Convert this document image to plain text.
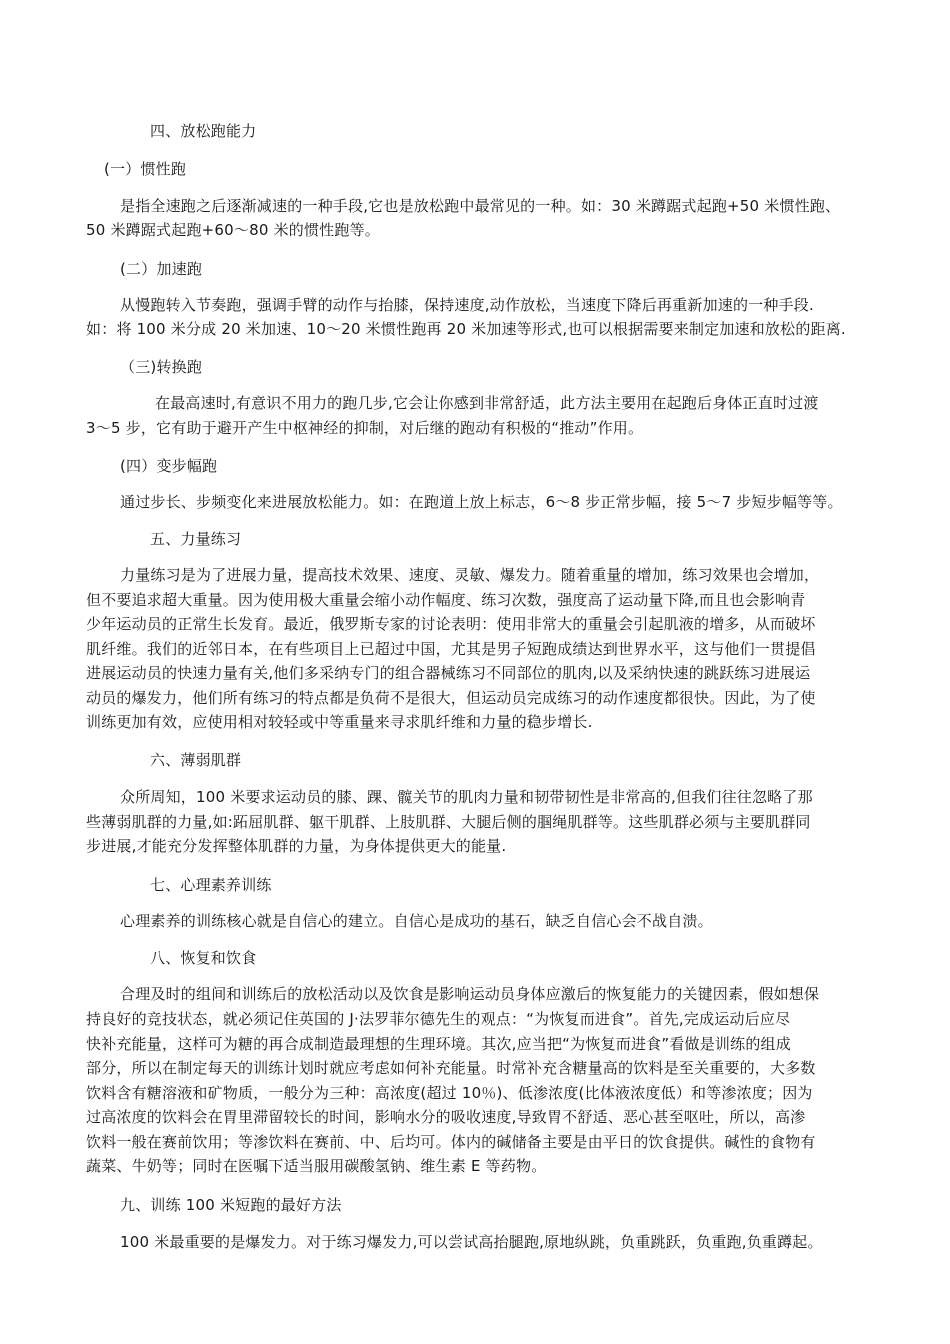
四、放松跑能力
(一）惯性跑
是指全速跑之后逐渐减速的一种手段,它也是放松跑中最常见的一种。如：30 米蹲踞式起跑+50 米惯性跑、
50 米蹲踞式起跑+60～80 米的惯性跑等。
(二）加速跑
从慢跑转入节奏跑，强调手臂的动作与抬膝，保持速度,动作放松，当速度下降后再重新加速的一种手段.
如：将 100 米分成 20 米加速、10～20 米惯性跑再 20 米加速等形式,也可以根据需要来制定加速和放松的距离.
（三)转换跑
在最高速时,有意识不用力的跑几步,它会让你感到非常舒适，此方法主要用在起跑后身体正直时过渡
3～5 步，它有助于避开产生中枢神经的抑制，对后继的跑动有积极的“推动”作用。
(四）变步幅跑
通过步长、步频变化来进展放松能力。如：在跑道上放上标志，6～8 步正常步幅，接 5～7 步短步幅等等。
五、力量练习
力量练习是为了进展力量，提高技术效果、速度、灵敏、爆发力。随着重量的增加，练习效果也会增加，
但不要追求超大重量。因为使用极大重量会缩小动作幅度、练习次数，强度高了运动量下降,而且也会影响青
少年运动员的正常生长发育。最近，俄罗斯专家的讨论表明：使用非常大的重量会引起肌液的增多，从而破坏
肌纤维。我们的近邻日本，在有些项目上已超过中国，尤其是男子短跑成绩达到世界水平，这与他们一贯提倡
进展运动员的快速力量有关,他们多采纳专门的组合器械练习不同部位的肌肉,以及采纳快速的跳跃练习进展运
动员的爆发力，他们所有练习的特点都是负荷不是很大，但运动员完成练习的动作速度都很快。因此，为了使
训练更加有效，应使用相对较轻或中等重量来寻求肌纤维和力量的稳步增长.
六、薄弱肌群
众所周知，100 米要求运动员的膝、踝、髋关节的肌肉力量和韧带韧性是非常高的,但我们往往忽略了那
些薄弱肌群的力量,如:跖屈肌群、躯干肌群、上肢肌群、大腿后侧的腘绳肌群等。这些肌群必须与主要肌群同
步进展,才能充分发挥整体肌群的力量，为身体提供更大的能量.
七、心理素养训练
心理素养的训练核心就是自信心的建立。自信心是成功的基石，缺乏自信心会不战自溃。
八、恢复和饮食
合理及时的组间和训练后的放松活动以及饮食是影响运动员身体应激后的恢复能力的关键因素，假如想保
持良好的竞技状态，就必须记住英国的 J·法罗菲尔德先生的观点：“为恢复而进食”。首先,完成运动后应尽
快补充能量，这样可为糖的再合成制造最理想的生理环境。其次,应当把“为恢复而进食”看做是训练的组成
部分，所以在制定每天的训练计划时就应考虑如何补充能量。时常补充含糖量高的饮料是至关重要的，大多数
饮料含有糖溶液和矿物质，一般分为三种：高浓度(超过 10％)、低渗浓度(比体液浓度低）和等渗浓度；因为
过高浓度的饮料会在胃里滞留较长的时间，影响水分的吸收速度,导致胃不舒适、恶心甚至呕吐，所以，高渗
饮料一般在赛前饮用；等渗饮料在赛前、中、后均可。体内的碱储备主要是由平日的饮食提供。碱性的食物有
蔬菜、牛奶等；同时在医嘱下适当服用碳酸氢钠、维生素 E 等药物。
九、训练 100 米短跑的最好方法
100 米最重要的是爆发力。对于练习爆发力,可以尝试高抬腿跑,原地纵跳，负重跳跃，负重跑,负重蹲起。
